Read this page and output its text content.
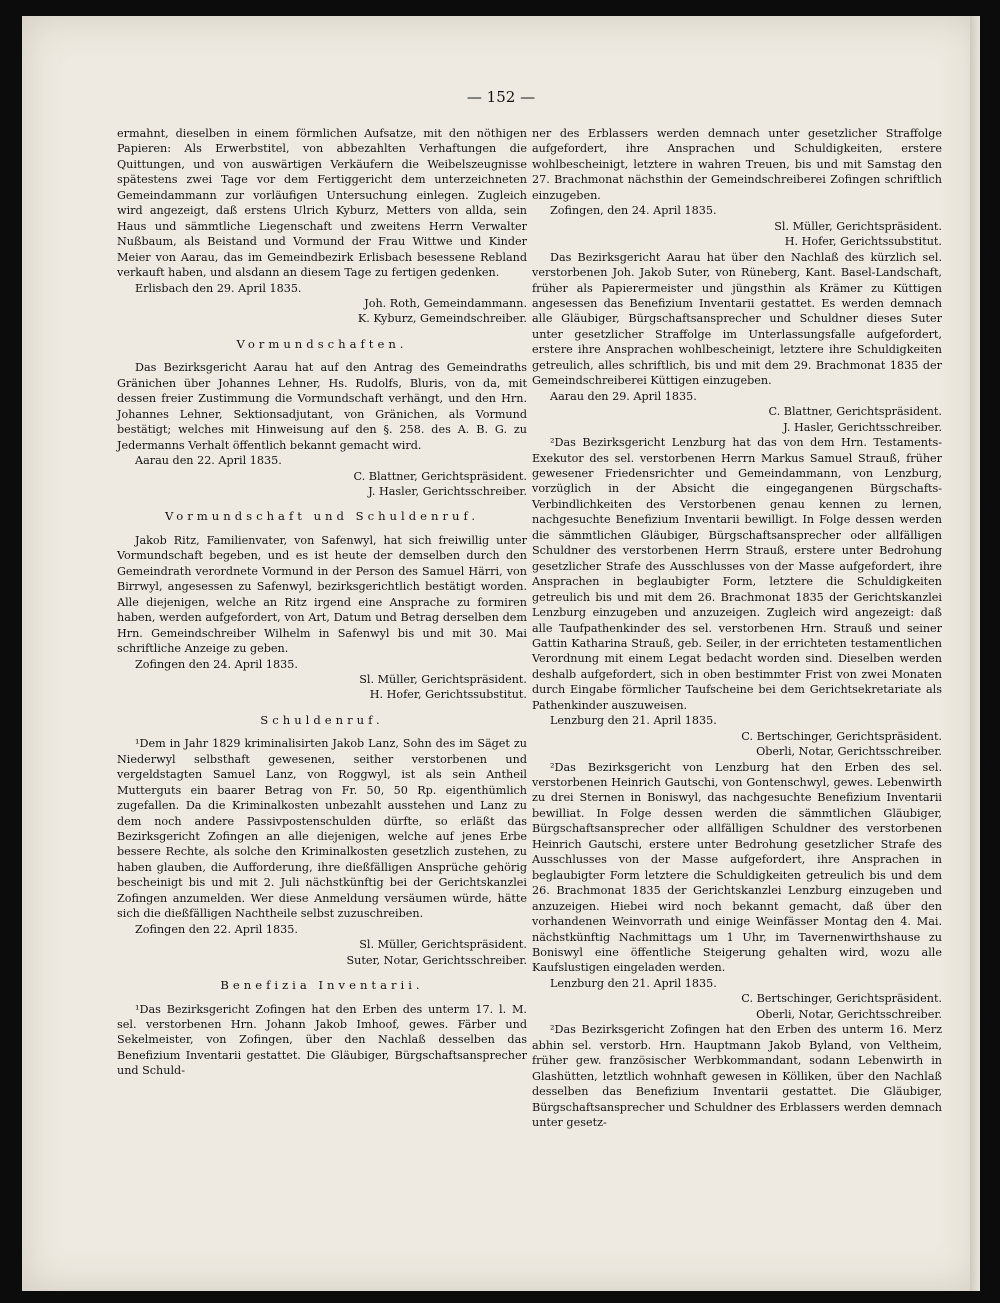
— 152 —

ermahnt, dieselben in einem förmlichen Aufsatze, mit den nöthigen Papieren: Als Erwerbstitel, von abbezahlten Verhaftungen die Quittungen, und von auswärtigen Verkäufern die Weibelszeugnisse spätestens zwei Tage vor dem Fertiggericht dem unterzeichneten Gemeindammann zur vorläufigen Untersuchung einlegen. Zugleich wird angezeigt, daß erstens Ulrich Kyburz, Metters von allda, sein Haus und sämmtliche Liegenschaft und zweitens Herrn Verwalter Nußbaum, als Beistand und Vormund der Frau Wittwe und Kinder Meier von Aarau, das im Gemeindbezirk Erlisbach besessene Rebland verkauft haben, und alsdann an diesem Tage zu fertigen gedenken.

Erlisbach den 29. April 1835.

Joh. Roth, Gemeindammann.

K. Kyburz, Gemeindschreiber.

Vormundschaften.

Das Bezirksgericht Aarau hat auf den Antrag des Gemeindraths Gränichen über Johannes Lehner, Hs. Rudolfs, Bluris, von da, mit dessen freier Zustimmung die Vormundschaft verhängt, und den Hrn. Johannes Lehner, Sektionsadjutant, von Gränichen, als Vormund bestätigt; welches mit Hinweisung auf den §. 258. des A. B. G. zu Jedermanns Verhalt öffentlich bekannt gemacht wird.

Aarau den 22. April 1835.

C. Blattner, Gerichtspräsident.

J. Hasler, Gerichtsschreiber.

Vormundschaft und Schuldenruf.

Jakob Ritz, Familienvater, von Safenwyl, hat sich freiwillig unter Vormundschaft begeben, und es ist heute der demselben durch den Gemeindrath verordnete Vormund in der Person des Samuel Härri, von Birrwyl, angesessen zu Safenwyl, bezirksgerichtlich bestätigt worden. Alle diejenigen, welche an Ritz irgend eine Ansprache zu formiren haben, werden aufgefordert, von Art, Datum und Betrag derselben dem Hrn. Gemeindschreiber Wilhelm in Safenwyl bis und mit 30. Mai schriftliche Anzeige zu geben.

Zofingen den 24. April 1835.

Sl. Müller, Gerichtspräsident.

H. Hofer, Gerichtssubstitut.

Schuldenruf.

¹Dem in Jahr 1829 kriminalisirten Jakob Lanz, Sohn des im Säget zu Niederwyl selbsthaft gewesenen, seither verstorbenen und vergeldstagten Samuel Lanz, von Roggwyl, ist als sein Antheil Mutterguts ein baarer Betrag von Fr. 50, 50 Rp. eigenthümlich zugefallen. Da die Kriminalkosten unbezahlt ausstehen und Lanz zu dem noch andere Passivpostenschulden dürfte, so erläßt das Bezirksgericht Zofingen an alle diejenigen, welche auf jenes Erbe bessere Rechte, als solche den Kriminalkosten gesetzlich zustehen, zu haben glauben, die Aufforderung, ihre dießfälligen Ansprüche gehörig bescheinigt bis und mit 2. Juli nächstkünftig bei der Gerichtskanzlei Zofingen anzumelden. Wer diese Anmeldung versäumen würde, hätte sich die dießfälligen Nachtheile selbst zuzuschreiben.

Zofingen den 22. April 1835.

Sl. Müller, Gerichtspräsident.

Suter, Notar, Gerichtsschreiber.

Benefizia Inventarii.

¹Das Bezirksgericht Zofingen hat den Erben des unterm 17. l. M. sel. verstorbenen Hrn. Johann Jakob Imhoof, gewes. Färber und Sekelmeister, von Zofingen, über den Nachlaß desselben das Benefizium Inventarii gestattet. Die Gläubiger, Bürgschaftsansprecher und Schuld-

ner des Erblassers werden demnach unter gesetzlicher Straffolge aufgefordert, ihre Ansprachen und Schuldigkeiten, erstere wohlbescheinigt, letztere in wahren Treuen, bis und mit Samstag den 27. Brachmonat nächsthin der Gemeindschreiberei Zofingen schriftlich einzugeben.

Zofingen, den 24. April 1835.

Sl. Müller, Gerichtspräsident.

H. Hofer, Gerichtssubstitut.

Das Bezirksgericht Aarau hat über den Nachlaß des kürzlich sel. verstorbenen Joh. Jakob Suter, von Rüneberg, Kant. Basel-Landschaft, früher als Papierermeister und jüngsthin als Krämer zu Küttigen angesessen das Benefizium Inventarii gestattet. Es werden demnach alle Gläubiger, Bürgschaftsansprecher und Schuldner dieses Suter unter gesetzlicher Straffolge im Unterlassungsfalle aufgefordert, erstere ihre Ansprachen wohlbescheinigt, letztere ihre Schuldigkeiten getreulich, alles schriftlich, bis und mit dem 29. Brachmonat 1835 der Gemeindschreiberei Küttigen einzugeben.

Aarau den 29. April 1835.

C. Blattner, Gerichtspräsident.

J. Hasler, Gerichtsschreiber.

²Das Bezirksgericht Lenzburg hat das von dem Hrn. Testaments-Exekutor des sel. verstorbenen Herrn Markus Samuel Strauß, früher gewesener Friedensrichter und Gemeindammann, von Lenzburg, vorzüglich in der Absicht die eingegangenen Bürgschafts-Verbindlichkeiten des Verstorbenen genau kennen zu lernen, nachgesuchte Benefizium Inventarii bewilligt. In Folge dessen werden die sämmtlichen Gläubiger, Bürgschaftsansprecher oder allfälligen Schuldner des verstorbenen Herrn Strauß, erstere unter Bedrohung gesetzlicher Strafe des Ausschlusses von der Masse aufgefordert, ihre Ansprachen in beglaubigter Form, letztere die Schuldigkeiten getreulich bis und mit dem 26. Brachmonat 1835 der Gerichtskanzlei Lenzburg einzugeben und anzuzeigen. Zugleich wird angezeigt: daß alle Taufpathenkinder des sel. verstorbenen Hrn. Strauß und seiner Gattin Katharina Strauß, geb. Seiler, in der errichteten testamentlichen Verordnung mit einem Legat bedacht worden sind. Dieselben werden deshalb aufgefordert, sich in oben bestimmter Frist von zwei Monaten durch Eingabe förmlicher Taufscheine bei dem Gerichtsekretariate als Pathenkinder auszuweisen.

Lenzburg den 21. April 1835.

C. Bertschinger, Gerichtspräsident.

Oberli, Notar, Gerichtsschreiber.

²Das Bezirksgericht von Lenzburg hat den Erben des sel. verstorbenen Heinrich Gautschi, von Gontenschwyl, gewes. Lebenwirth zu drei Sternen in Boniswyl, das nachgesuchte Benefizium Inventarii bewilliat. In Folge dessen werden die sämmtlichen Gläubiger, Bürgschaftsansprecher oder allfälligen Schuldner des verstorbenen Heinrich Gautschi, erstere unter Bedrohung gesetzlicher Strafe des Ausschlusses von der Masse aufgefordert, ihre Ansprachen in beglaubigter Form letztere die Schuldigkeiten getreulich bis und dem 26. Brachmonat 1835 der Gerichtskanzlei Lenzburg einzugeben und anzuzeigen. Hiebei wird noch bekannt gemacht, daß über den vorhandenen Weinvorrath und einige Weinfässer Montag den 4. Mai. nächstkünftig Nachmittags um 1 Uhr, im Tavernenwirthshause zu Boniswyl eine öffentliche Steigerung gehalten wird, wozu alle Kaufslustigen eingeladen werden.

Lenzburg den 21. April 1835.

C. Bertschinger, Gerichtspräsident.

Oberli, Notar, Gerichtsschreiber.

²Das Bezirksgericht Zofingen hat den Erben des unterm 16. Merz abhin sel. verstorb. Hrn. Hauptmann Jakob Byland, von Veltheim, früher gew. französischer Werbkommandant, sodann Lebenwirth in Glashütten, letztlich wohnhaft gewesen in Kölliken, über den Nachlaß desselben das Benefizium Inventarii gestattet. Die Gläubiger, Bürgschaftsansprecher und Schuldner des Erblassers werden demnach unter gesetz-
